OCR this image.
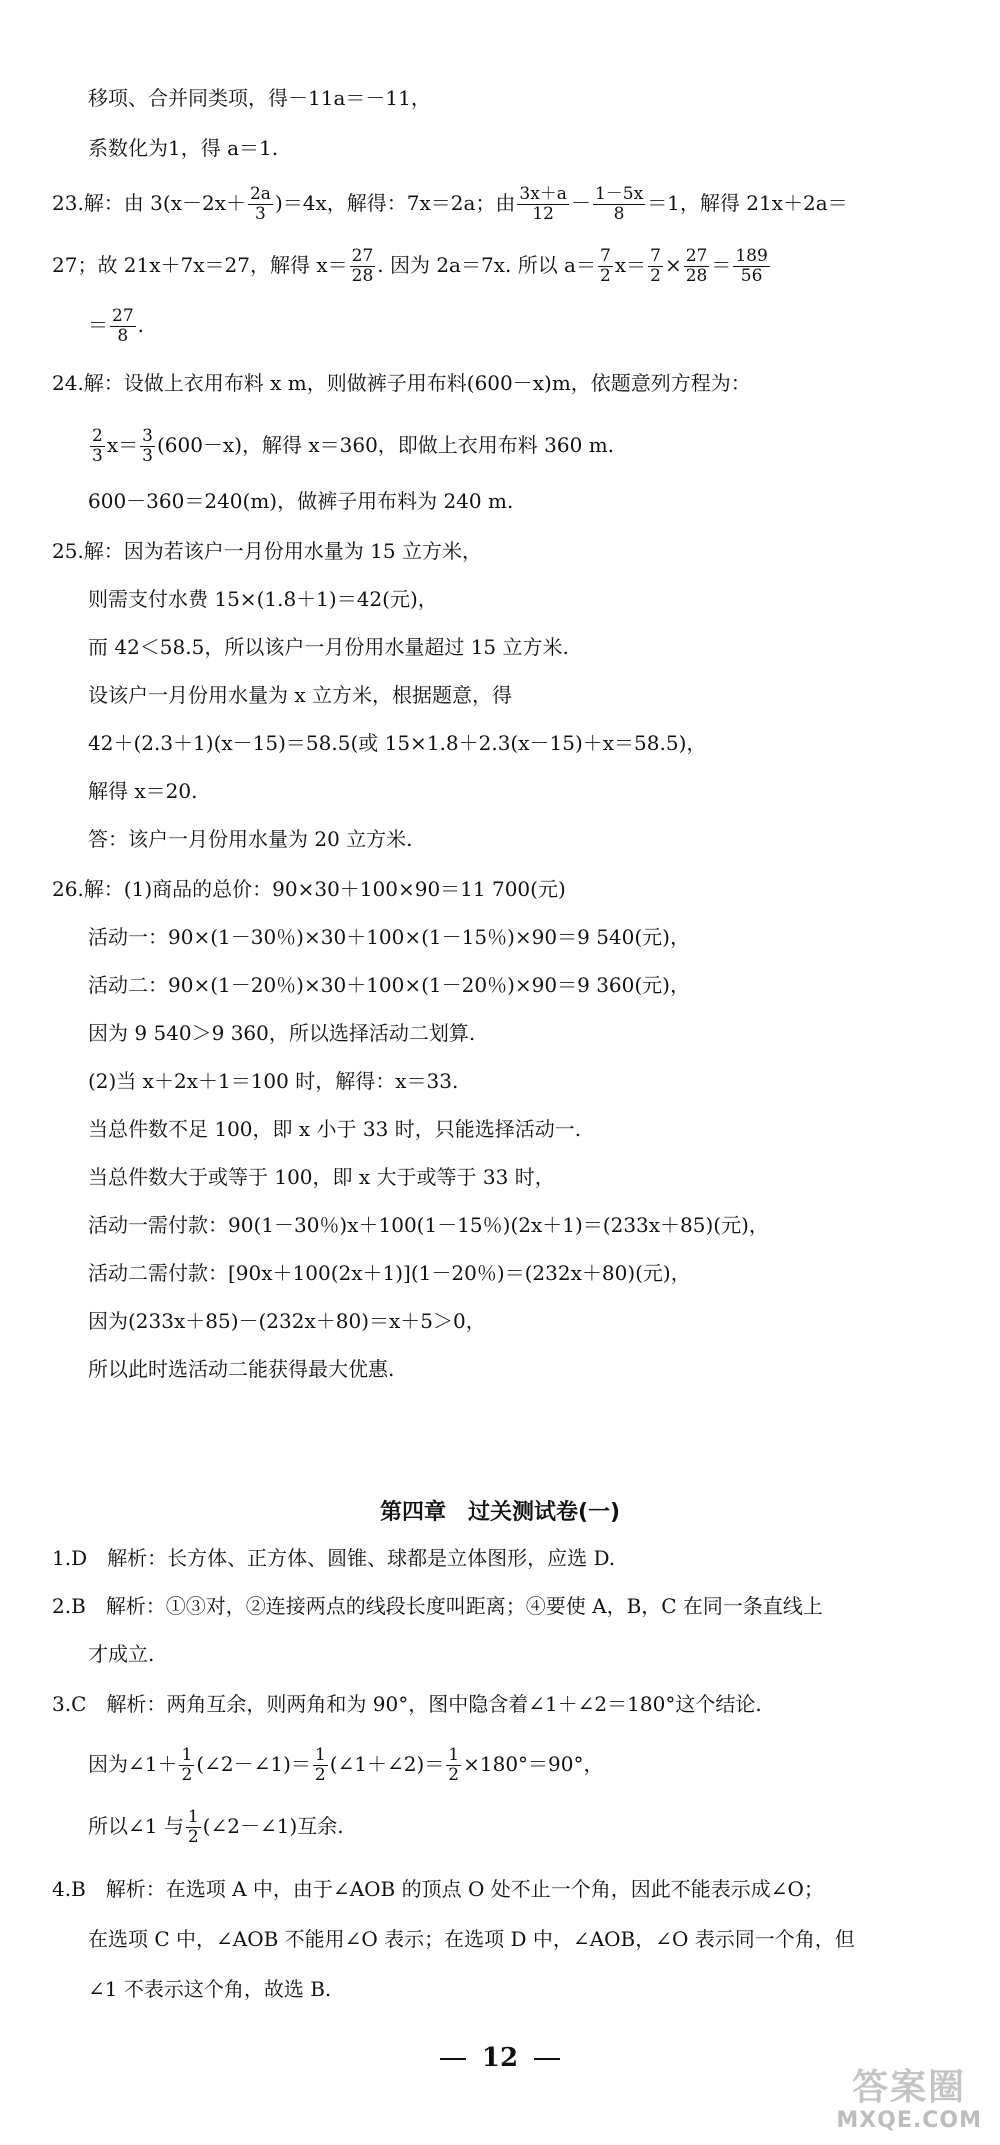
移项、合并同类项，得－11a＝－11，
系数化为1，得 a＝1.
23.解：由 $3(x-2x+ \frac{2a}{3} )=4x$，解得：7x＝2a；由 $\frac{3x+a}{12} - \frac{1-5x}{8} =1$，解得 21x＋2a＝
27；故 21x＋7x＝27，解得 $x= \frac{27}{28}$ . 因为 2a＝7x. 所以 $a= \frac{7}{2} x= \frac{7}{2} \times \frac{27}{28} = \frac{189}{56}$
＝ $\frac{27}{8}$ .
24.解：设做上衣用布料 x m，则做裤子用布料(600－x)m，依题意列方程为：
$\frac{2}{3} x= \frac{3}{3} (600-x)$，解得 x＝360，即做上衣用布料 360 m.
600－360＝240(m)，做裤子用布料为 240 m.
25.解：因为若该户一月份用水量为 15 立方米，
则需支付水费 15×(1.8＋1)＝42(元)，
而 42＜58.5，所以该户一月份用水量超过 15 立方米.
设该户一月份用水量为 x 立方米，根据题意，得
42＋(2.3＋1)(x－15)＝58.5(或 15×1.8＋2.3(x－15)＋x＝58.5)，
解得 x＝20.
答：该户一月份用水量为 20 立方米.
26.解：(1)商品的总价：90×30＋100×90＝11 700(元)
活动一：90×(1－30％)×30＋100×(1－15％)×90＝9 540(元)，
活动二：90×(1－20％)×30＋100×(1－20％)×90＝9 360(元)，
因为 9 540＞9 360，所以选择活动二划算.
(2)当 x＋2x＋1＝100 时，解得：x＝33.
当总件数不足 100，即 x 小于 33 时，只能选择活动一.
当总件数大于或等于 100，即 x 大于或等于 33 时，
活动一需付款：90(1－30％)x＋100(1－15％)(2x＋1)＝(233x＋85)(元)，
活动二需付款：[90x＋100(2x＋1)](1－20％)＝(232x＋80)(元)，
因为(233x＋85)－(232x＋80)＝x＋5＞0，
所以此时选活动二能获得最大优惠.
第四章　过关测试卷(一)
1.D　解析：长方体、正方体、圆锥、球都是立体图形，应选 D.
2.B　解析：①③对，②连接两点的线段长度叫距离；④要使 A，B，C 在同一条直线上
才成立.
3.C　解析：两角互余，则两角和为 90°，图中隐含着∠1＋∠2＝180°这个结论.
因为∠1＋ $\frac{1}{2}$ (∠2－∠1)＝ $\frac{1}{2}$ (∠1＋∠2)＝ $\frac{1}{2} \times 180^\circ=90^\circ$，
所以∠1 与 $\frac{1}{2}$ (∠2－∠1)互余.
4.B　解析：在选项 A 中，由于∠AOB 的顶点 O 处不止一个角，因此不能表示成∠O；
在选项 C 中，∠AOB 不能用∠O 表示；在选项 D 中，∠AOB，∠O 表示同一个角，但
∠1 不表示这个角，故选 B.
12
答案圈
MXQE.COM
